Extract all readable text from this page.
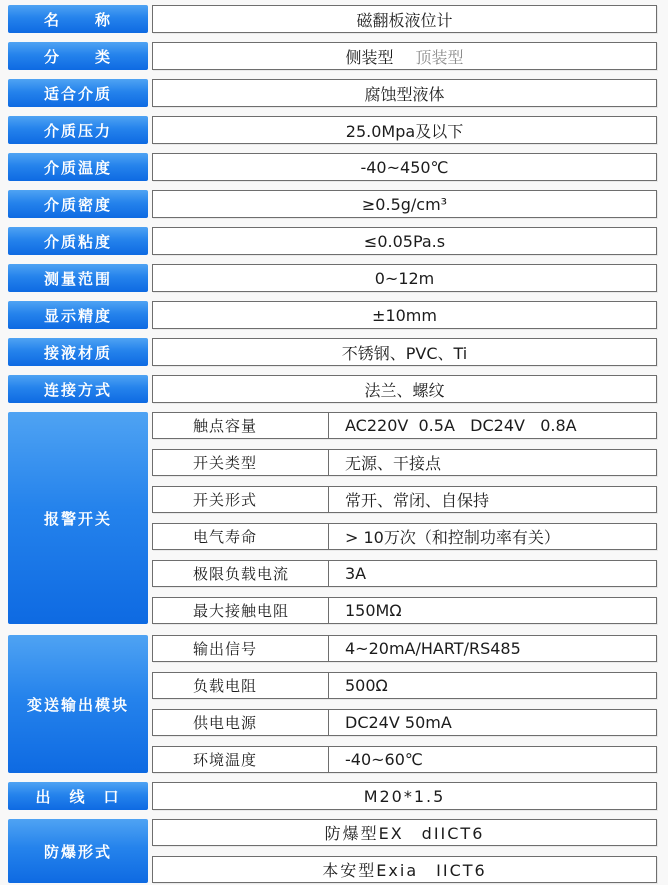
名　　称	磁翻板液位计
分　　类	侧装型 顶装型
适合介质	腐蚀型液体
介质压力	25.0Mpa及以下
介质温度	-40~450℃
介质密度	≥0.5g/cm³
介质粘度	≤0.05Pa.s
测量范围	0~12m
显示精度	±10mm
接液材质	不锈钢、PVC、Ti
连接方式	法兰、螺纹
报警开关
触点容量	AC220V  0.5A   DC24V   0.8A
开关类型	无源、干接点
开关形式	常开、常闭、自保持
电气寿命	> 10万次（和控制功率有关）
极限负载电流	3A
最大接触电阻	150MΩ
变送输出模块
输出信号	4~20mA/HART/RS485
负载电阻	500Ω
供电电源	DC24V 50mA
环境温度	-40~60℃
出　线　口	M20*1.5
防爆形式
防爆型EX　dIICT6
本安型Exia　IICT6
